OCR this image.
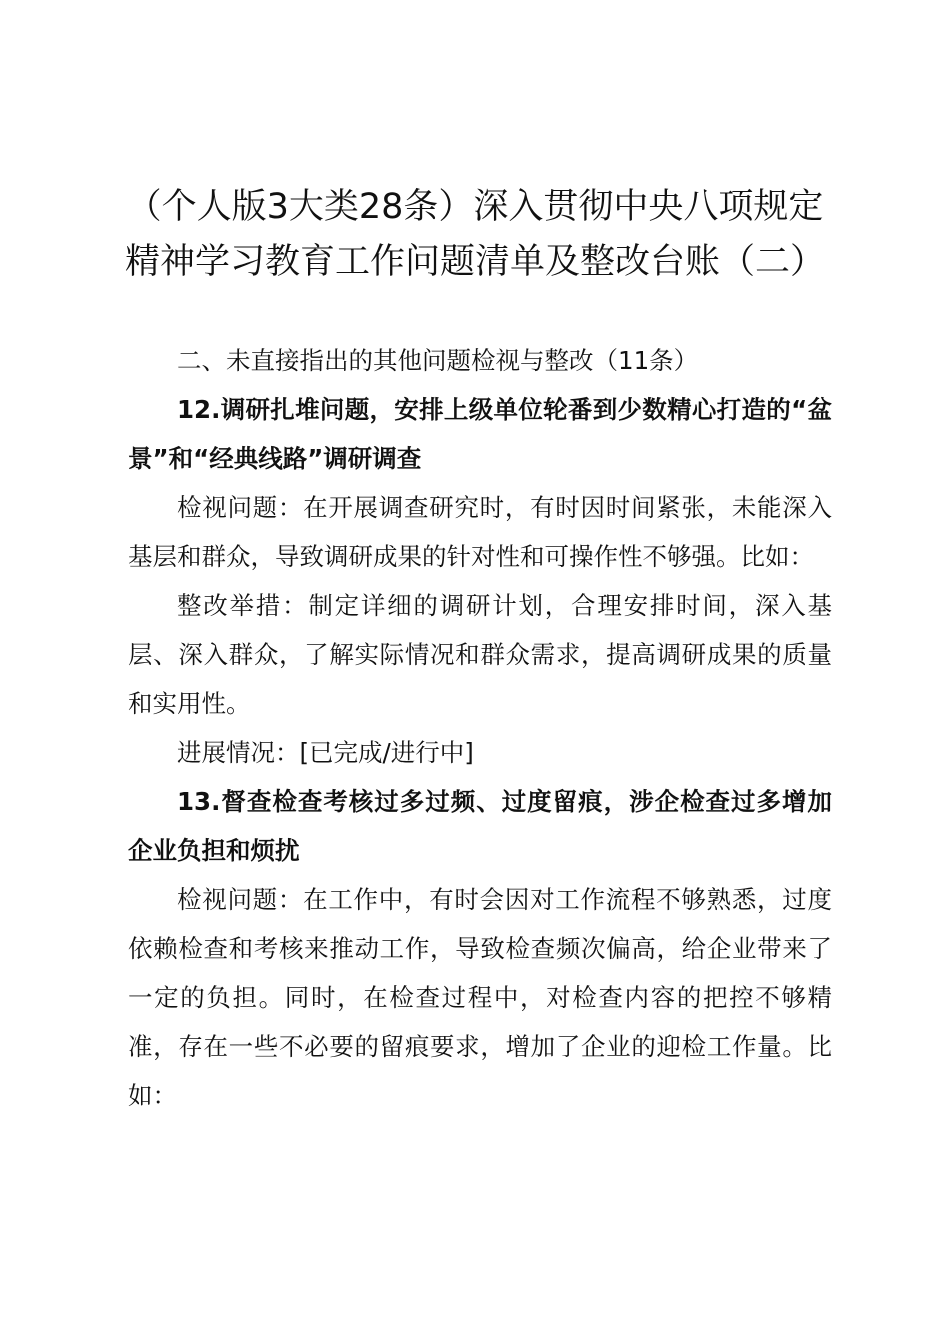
（个人版3大类28条）深入贯彻中央八项规定精神学习教育工作问题清单及整改台账（二）

二、未直接指出的其他问题检视与整改（11条）

12.调研扎堆问题，安排上级单位轮番到少数精心打造的“盆景”和“经典线路”调研调查

检视问题：在开展调查研究时，有时因时间紧张，未能深入基层和群众，导致调研成果的针对性和可操作性不够强。比如：

整改举措：制定详细的调研计划，合理安排时间，深入基层、深入群众，了解实际情况和群众需求，提高调研成果的质量和实用性。

进展情况：[已完成/进行中]

13.督查检查考核过多过频、过度留痕，涉企检查过多增加企业负担和烦扰

检视问题：在工作中，有时会因对工作流程不够熟悉，过度依赖检查和考核来推动工作，导致检查频次偏高，给企业带来了一定的负担。同时，在检查过程中，对检查内容的把控不够精准，存在一些不必要的留痕要求，增加了企业的迎检工作量。比如：
